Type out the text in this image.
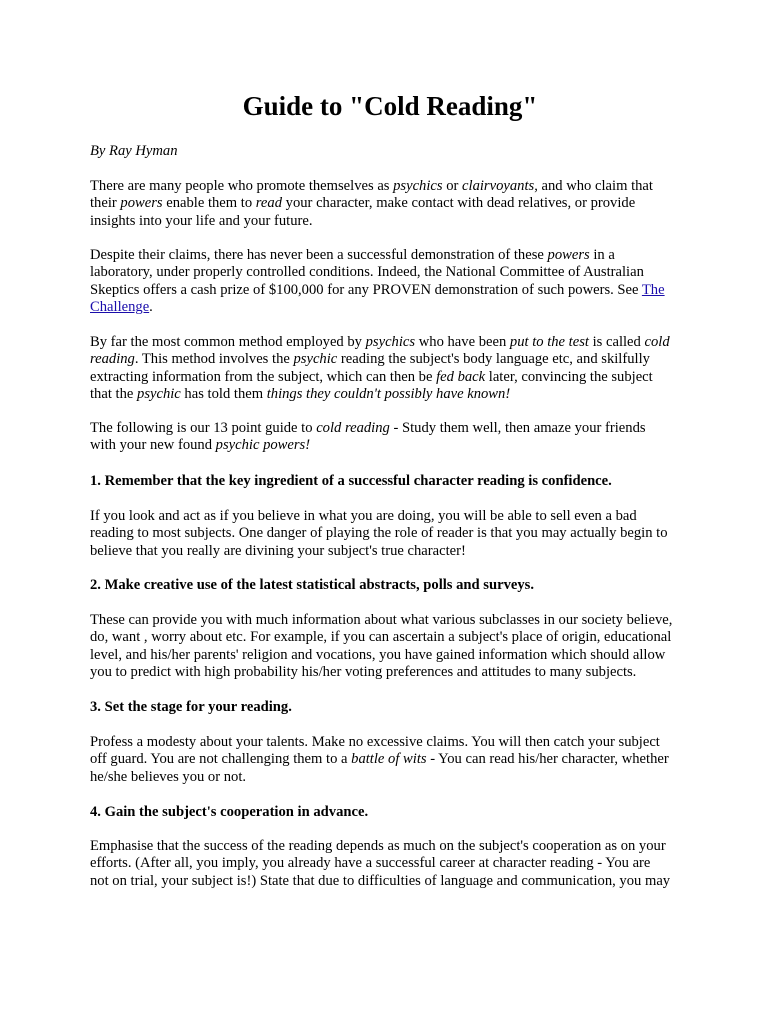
Guide to "Cold Reading"

By Ray Hyman

There are many people who promote themselves as psychics or clairvoyants, and who claim that
their powers enable them to read your character, make contact with dead relatives, or provide
insights into your life and your future.

Despite their claims, there has never been a successful demonstration of these powers in a
laboratory, under properly controlled conditions. Indeed, the National Committee of Australian
Skeptics offers a cash prize of $100,000 for any PROVEN demonstration of such powers. See The
Challenge.

By far the most common method employed by psychics who have been put to the test is called cold
reading. This method involves the psychic reading the subject's body language etc, and skilfully
extracting information from the subject, which can then be fed back later, convincing the subject
that the psychic has told them things they couldn't possibly have known!

The following is our 13 point guide to cold reading - Study them well, then amaze your friends
with your new found psychic powers!

1. Remember that the key ingredient of a successful character reading is confidence.

If you look and act as if you believe in what you are doing, you will be able to sell even a bad
reading to most subjects. One danger of playing the role of reader is that you may actually begin to
believe that you really are divining your subject's true character!

2. Make creative use of the latest statistical abstracts, polls and surveys.

These can provide you with much information about what various subclasses in our society believe,
do, want , worry about etc. For example, if you can ascertain a subject's place of origin, educational
level, and his/her parents' religion and vocations, you have gained information which should allow
you to predict with high probability his/her voting preferences and attitudes to many subjects.

3. Set the stage for your reading.

Profess a modesty about your talents. Make no excessive claims. You will then catch your subject
off guard. You are not challenging them to a battle of wits - You can read his/her character, whether
he/she believes you or not.

4. Gain the subject's cooperation in advance.

Emphasise that the success of the reading depends as much on the subject's cooperation as on your
efforts. (After all, you imply, you already have a successful career at character reading - You are
not on trial, your subject is!) State that due to difficulties of language and communication, you may
